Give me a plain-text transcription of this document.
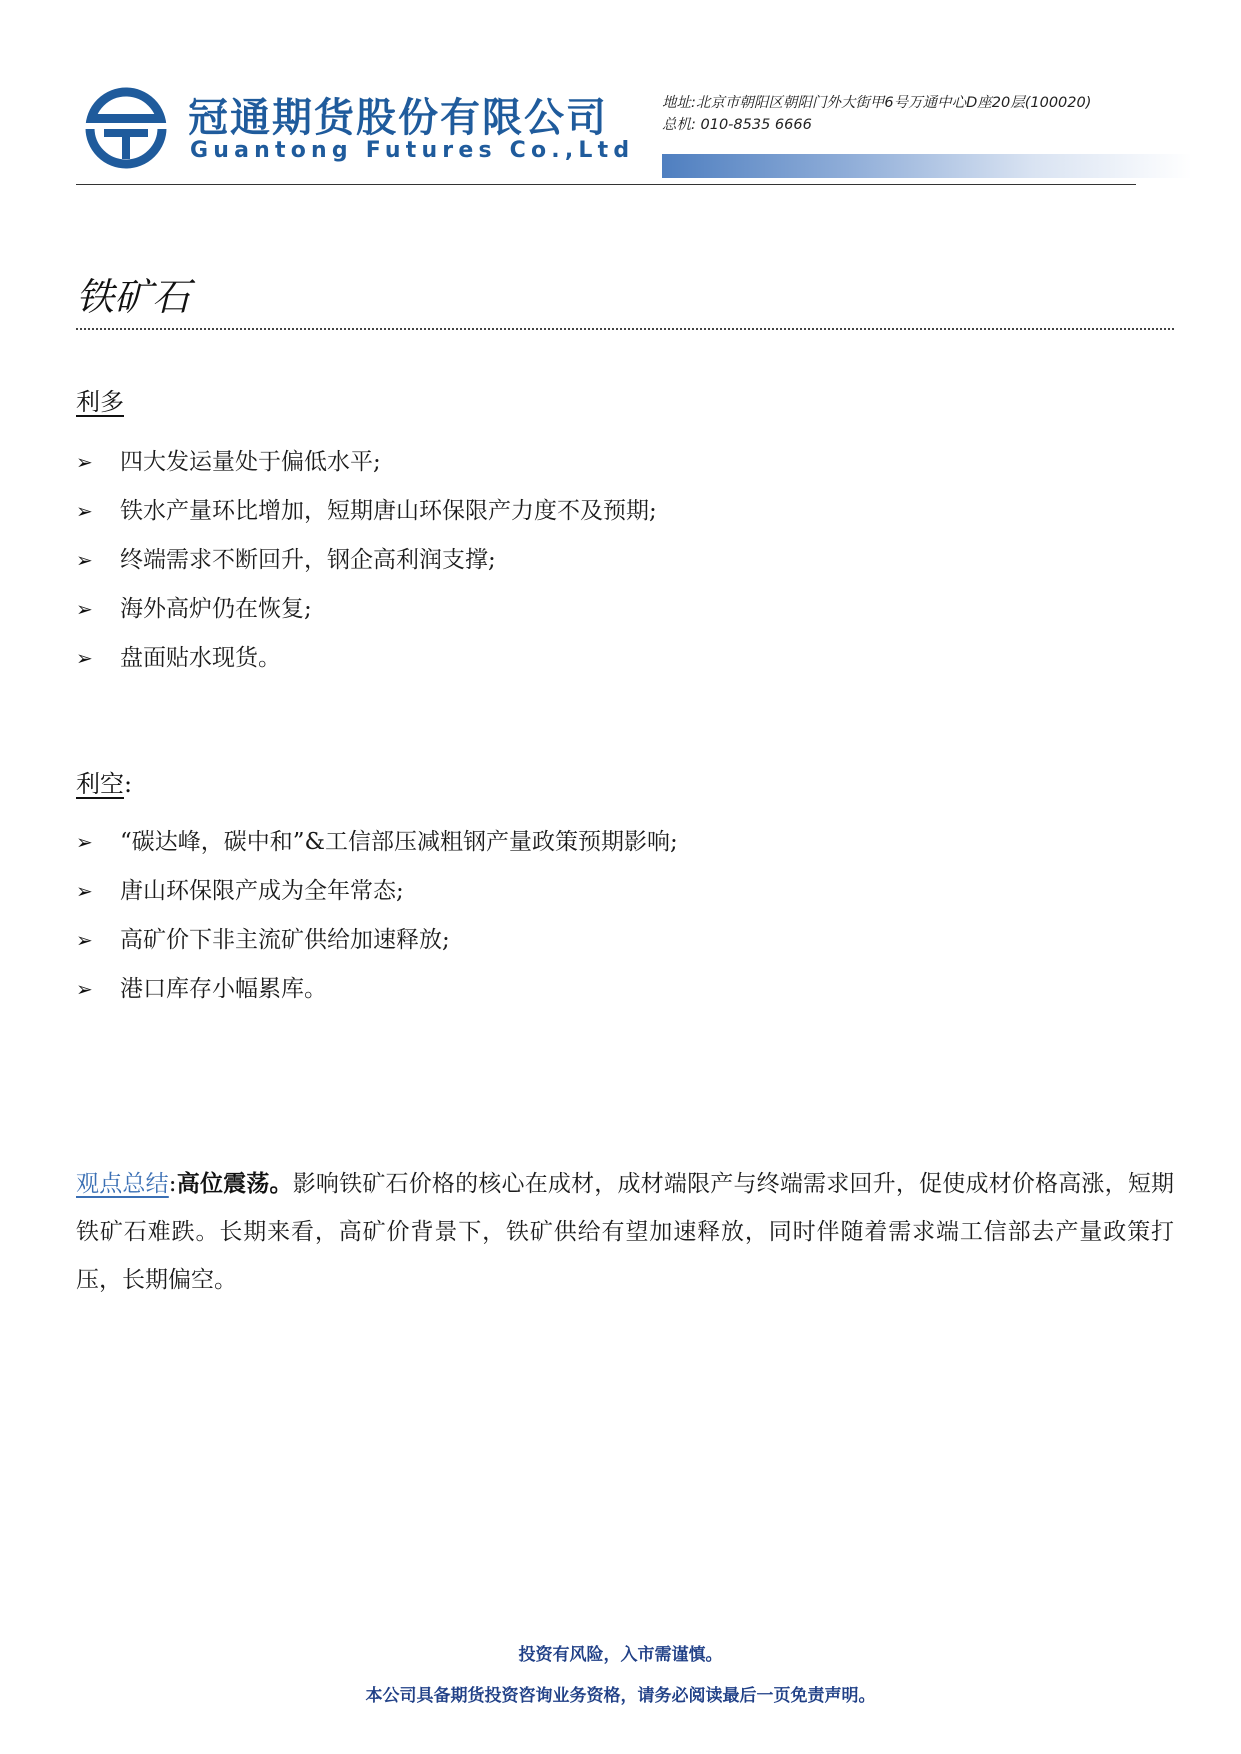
冠通期货股份有限公司
Guantong Futures Co.,Ltd
地址:北京市朝阳区朝阳门外大街甲6号万通中心D座20层(100020)
总机: 010-8535 6666
铁矿石
利多
➢ 四大发运量处于偏低水平;
➢ 铁水产量环比增加，短期唐山环保限产力度不及预期;
➢ 终端需求不断回升，钢企高利润支撑;
➢ 海外高炉仍在恢复;
➢ 盘面贴水现货。
利空:
➢ “碳达峰，碳中和”&工信部压减粗钢产量政策预期影响;
➢ 唐山环保限产成为全年常态;
➢ 高矿价下非主流矿供给加速释放;
➢ 港口库存小幅累库。
观点总结:高位震荡。影响铁矿石价格的核心在成材，成材端限产与终端需求回升，促使成材价格高涨，短期铁矿石难跌。长期来看，高矿价背景下，铁矿供给有望加速释放，同时伴随着需求端工信部去产量政策打压，长期偏空。
投资有风险，入市需谨慎。
本公司具备期货投资咨询业务资格，请务必阅读最后一页免责声明。
